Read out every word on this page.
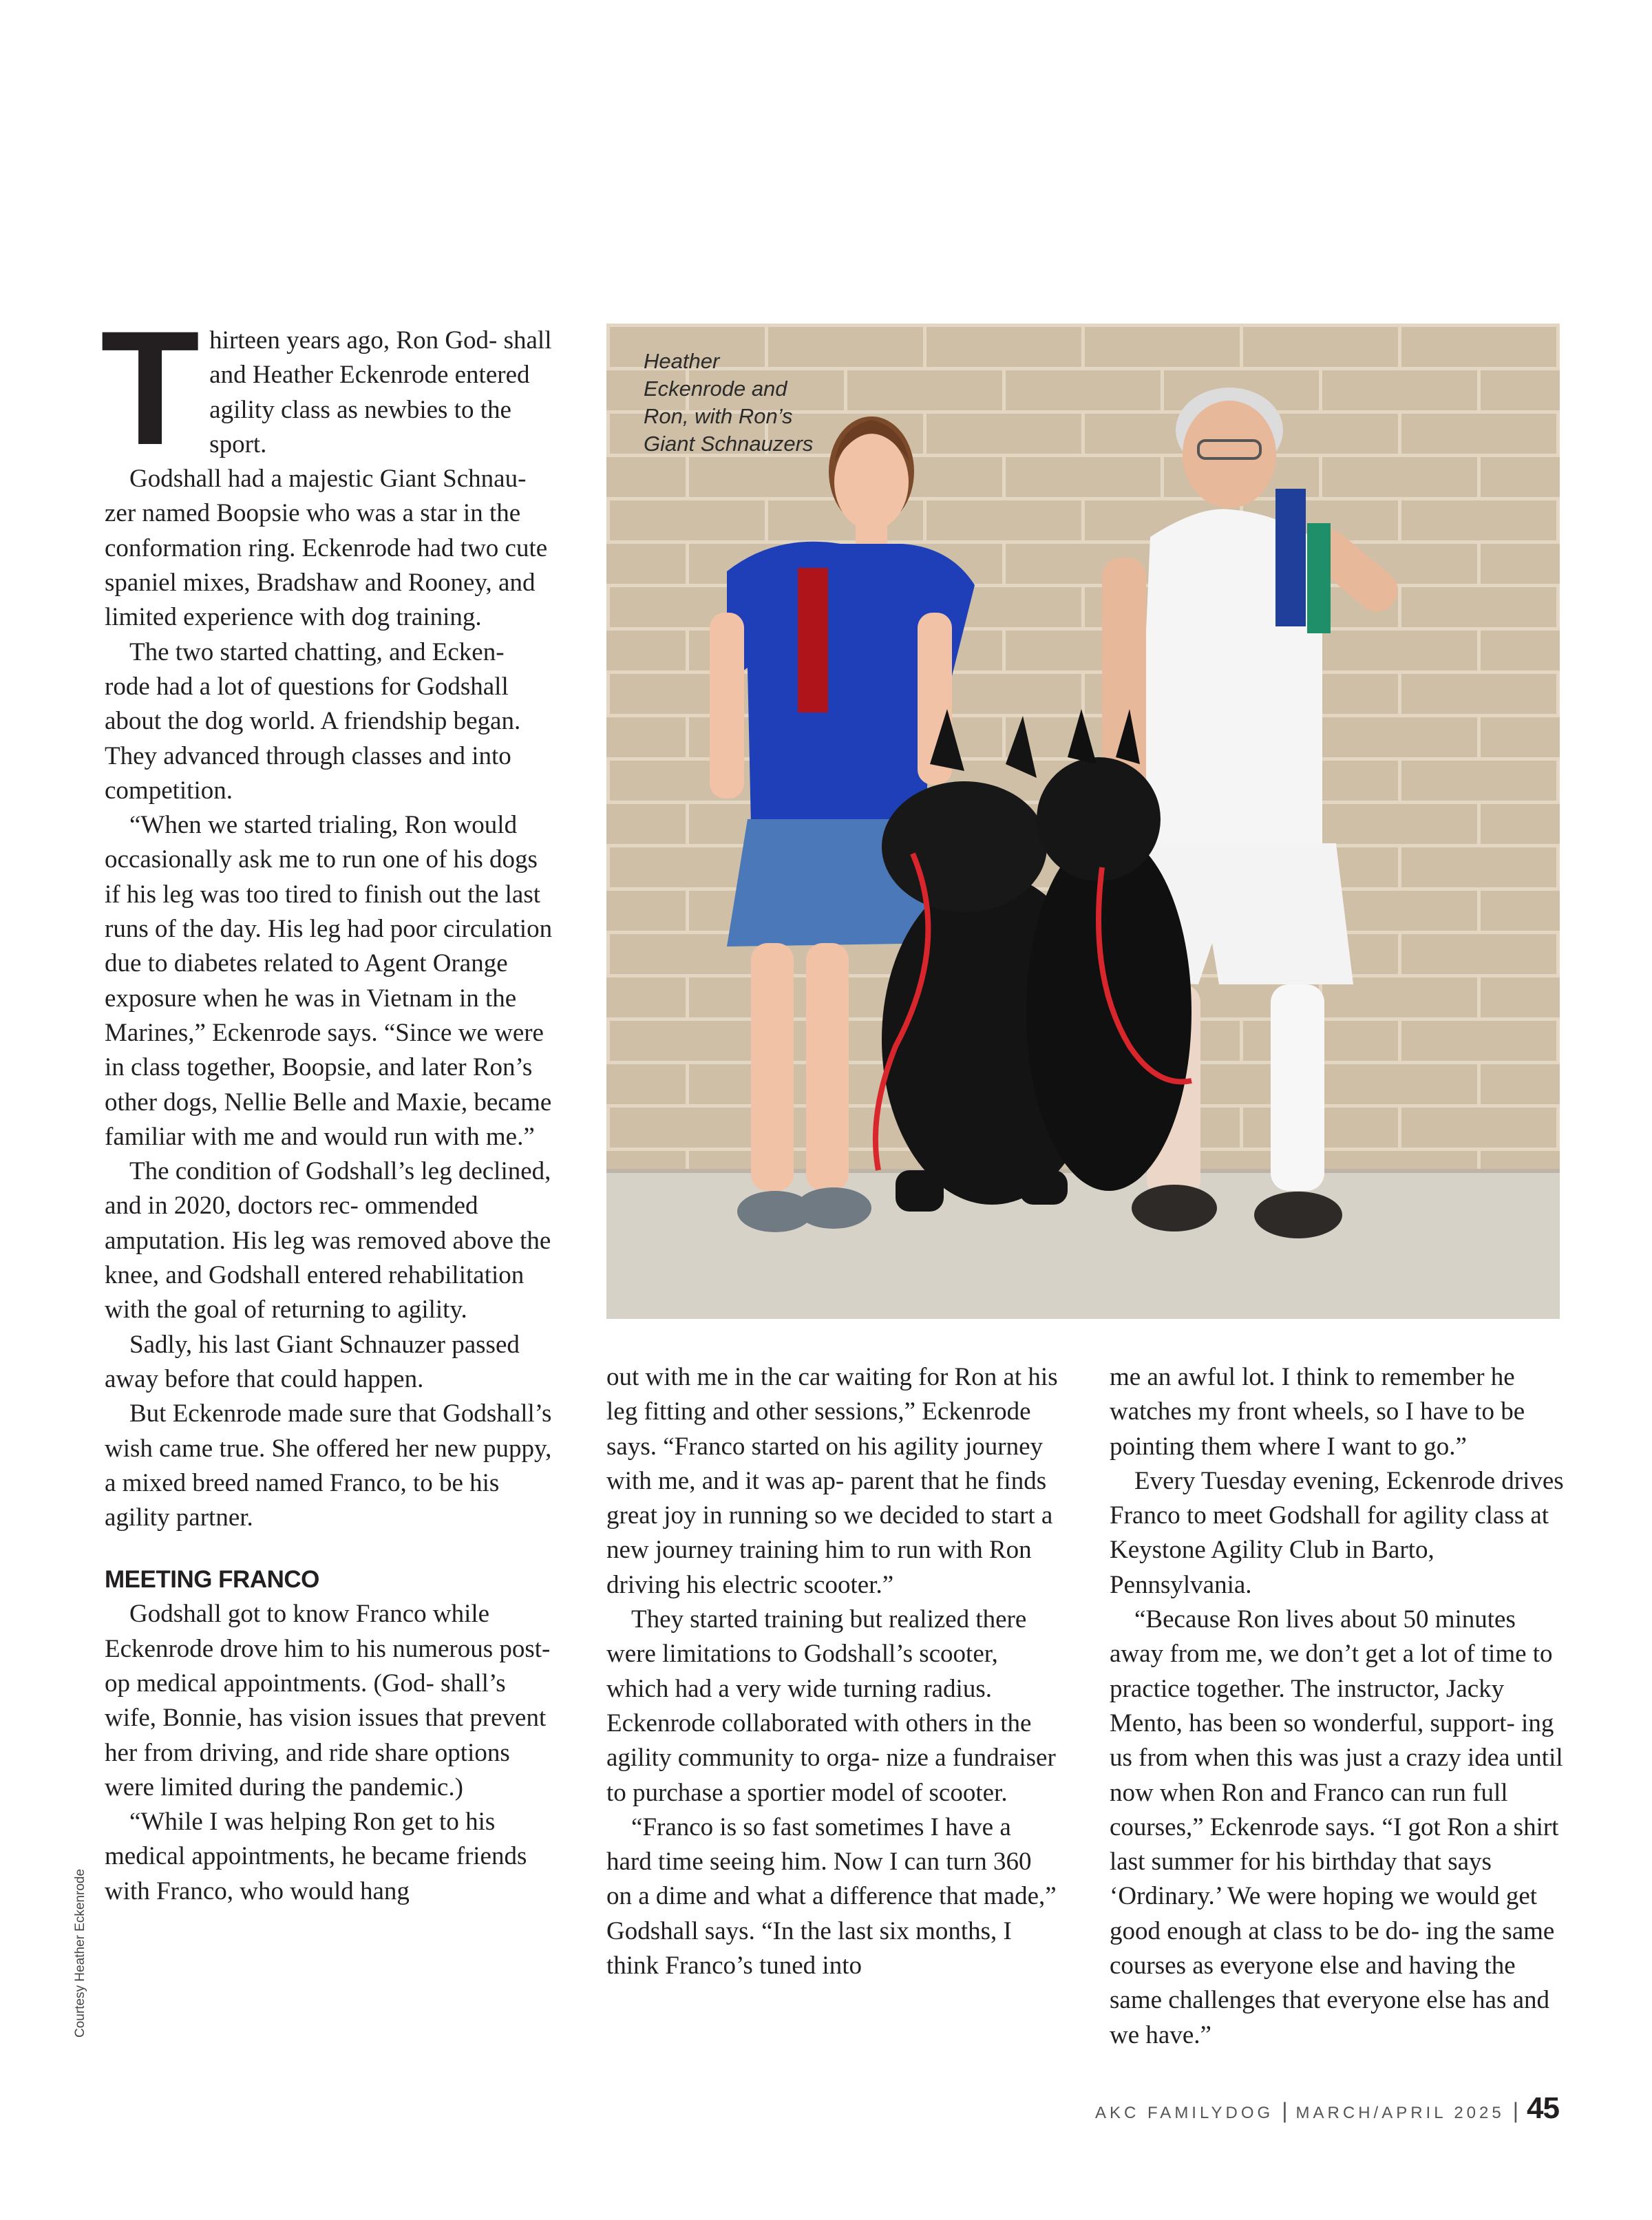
Thirteen years ago, Ron God- shall and Heather Eckenrode entered agility class as newbies to the sport.

Godshall had a majestic Giant Schnau- zer named Boopsie who was a star in the conformation ring. Eckenrode had two cute spaniel mixes, Bradshaw and Rooney, and limited experience with dog training.

The two started chatting, and Ecken- rode had a lot of questions for Godshall about the dog world. A friendship began. They advanced through classes and into competition.

“When we started trialing, Ron would occasionally ask me to run one of his dogs if his leg was too tired to finish out the last runs of the day. His leg had poor circulation due to diabetes related to Agent Orange exposure when he was in Vietnam in the Marines,” Eckenrode says. “Since we were in class together, Boopsie, and later Ron’s other dogs, Nellie Belle and Maxie, became familiar with me and would run with me.”

The condition of Godshall’s leg declined, and in 2020, doctors rec- ommended amputation. His leg was removed above the knee, and Godshall entered rehabilitation with the goal of returning to agility.

Sadly, his last Giant Schnauzer passed away before that could happen.

But Eckenrode made sure that Godshall’s wish came true. She offered her new puppy, a mixed breed named Franco, to be his agility partner.

MEETING FRANCO

Godshall got to know Franco while Eckenrode drove him to his numerous post-op medical appointments. (God- shall’s wife, Bonnie, has vision issues that prevent her from driving, and ride share options were limited during the pandemic.)

“While I was helping Ron get to his medical appointments, he became friends with Franco, who would hang

Heather Eckenrode and Ron, with Ron’s Giant Schnauzers

out with me in the car waiting for Ron at his leg fitting and other sessions,” Eckenrode says. “Franco started on his agility journey with me, and it was ap- parent that he finds great joy in running so we decided to start a new journey training him to run with Ron driving his electric scooter.”

They started training but realized there were limitations to Godshall’s scooter, which had a very wide turning radius. Eckenrode collaborated with others in the agility community to orga- nize a fundraiser to purchase a sportier model of scooter.

“Franco is so fast sometimes I have a hard time seeing him. Now I can turn 360 on a dime and what a difference that made,” Godshall says. “In the last six months, I think Franco’s tuned into

me an awful lot. I think to remember he watches my front wheels, so I have to be pointing them where I want to go.”

Every Tuesday evening, Eckenrode drives Franco to meet Godshall for agility class at Keystone Agility Club in Barto, Pennsylvania.

“Because Ron lives about 50 minutes away from me, we don’t get a lot of time to practice together. The instructor, Jacky Mento, has been so wonderful, support- ing us from when this was just a crazy idea until now when Ron and Franco can run full courses,” Eckenrode says. “I got Ron a shirt last summer for his birthday that says ‘Ordinary.’ We were hoping we would get good enough at class to be do- ing the same courses as everyone else and having the same challenges that everyone else has and we have.”

Courtesy Heather Eckenrode
AKC FAMILYDOG | MARCH/APRIL 2025 | 45
